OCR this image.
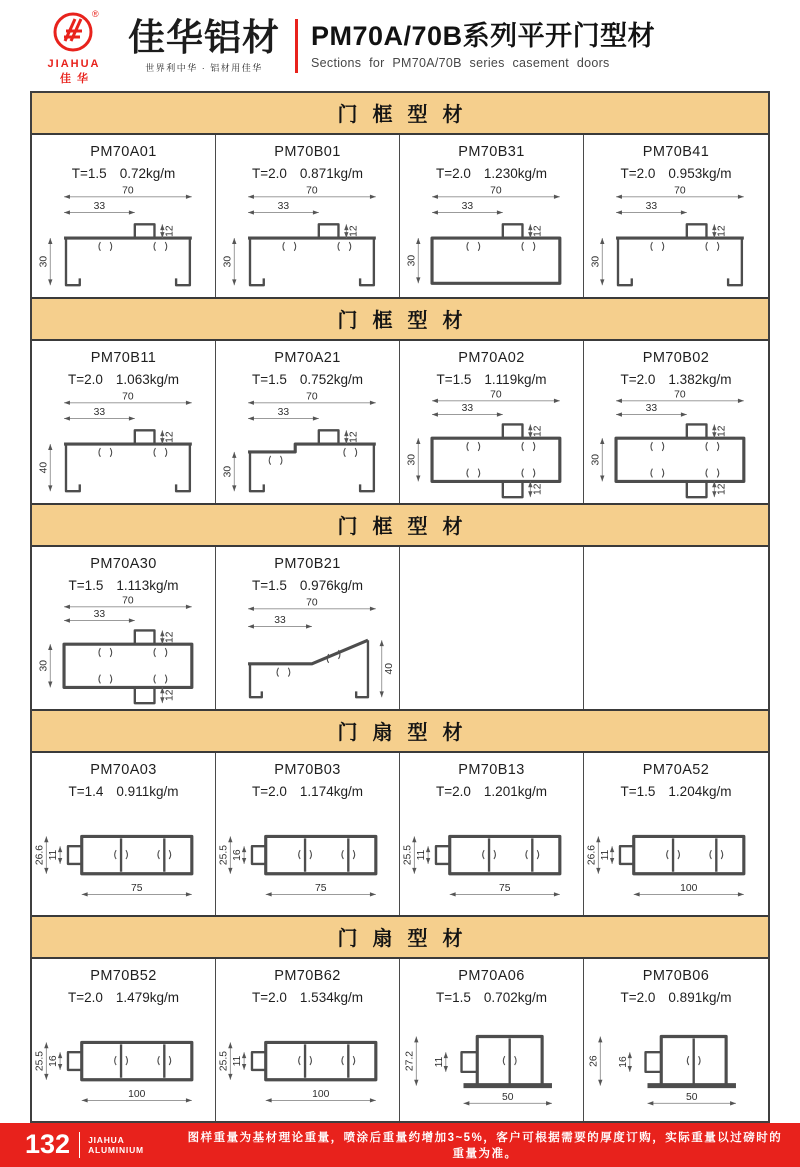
®
JIAHUA
佳华
佳华铝材
世界利中华 · 铝材用佳华
PM70A/70B系列平开门型材
Sections for PM70A/70B series casement doors
门框型材
PM70A01
T=1.5 0.72kg/m
70
33
12
30
PM70B01
T=2.0 0.871kg/m
70
33
12
30
PM70B31
T=2.0 1.230kg/m
70
33
12
30
PM70B41
T=2.0 0.953kg/m
70
33
12
30
门框型材
PM70B11
T=2.0 1.063kg/m
70
33
12
40
PM70A21
T=1.5 0.752kg/m
70
33
12
30
PM70A02
T=1.5 1.119kg/m
70
33
12
30
12
PM70B02
T=2.0 1.382kg/m
70
33
12
30
12
门框型材
PM70A30
T=1.5 1.113kg/m
70
33
12
30
12
PM70B21
T=1.5 0.976kg/m
70
33
40
门扇型材
PM70A03
T=1.4 0.911kg/m
26.6 11
75
PM70B03
T=2.0 1.174kg/m
25.5 16
75
PM70B13
T=2.0 1.201kg/m
25.5 11
75
PM70A52
T=1.5 1.204kg/m
26.6 11
100
门扇型材
PM70B52
T=2.0 1.479kg/m
25.5 16
100
PM70B62
T=2.0 1.534kg/m
25.5 11
100
PM70A06
T=1.5 0.702kg/m
27.2 11
50
PM70B06
T=2.0 0.891kg/m
26 16
50
132	JIAHUA
ALUMINIUM
图样重量为基材理论重量，喷涂后重量约增加3~5%，客户可根据需要的厚度订购，实际重量以过磅时的重量为准。
